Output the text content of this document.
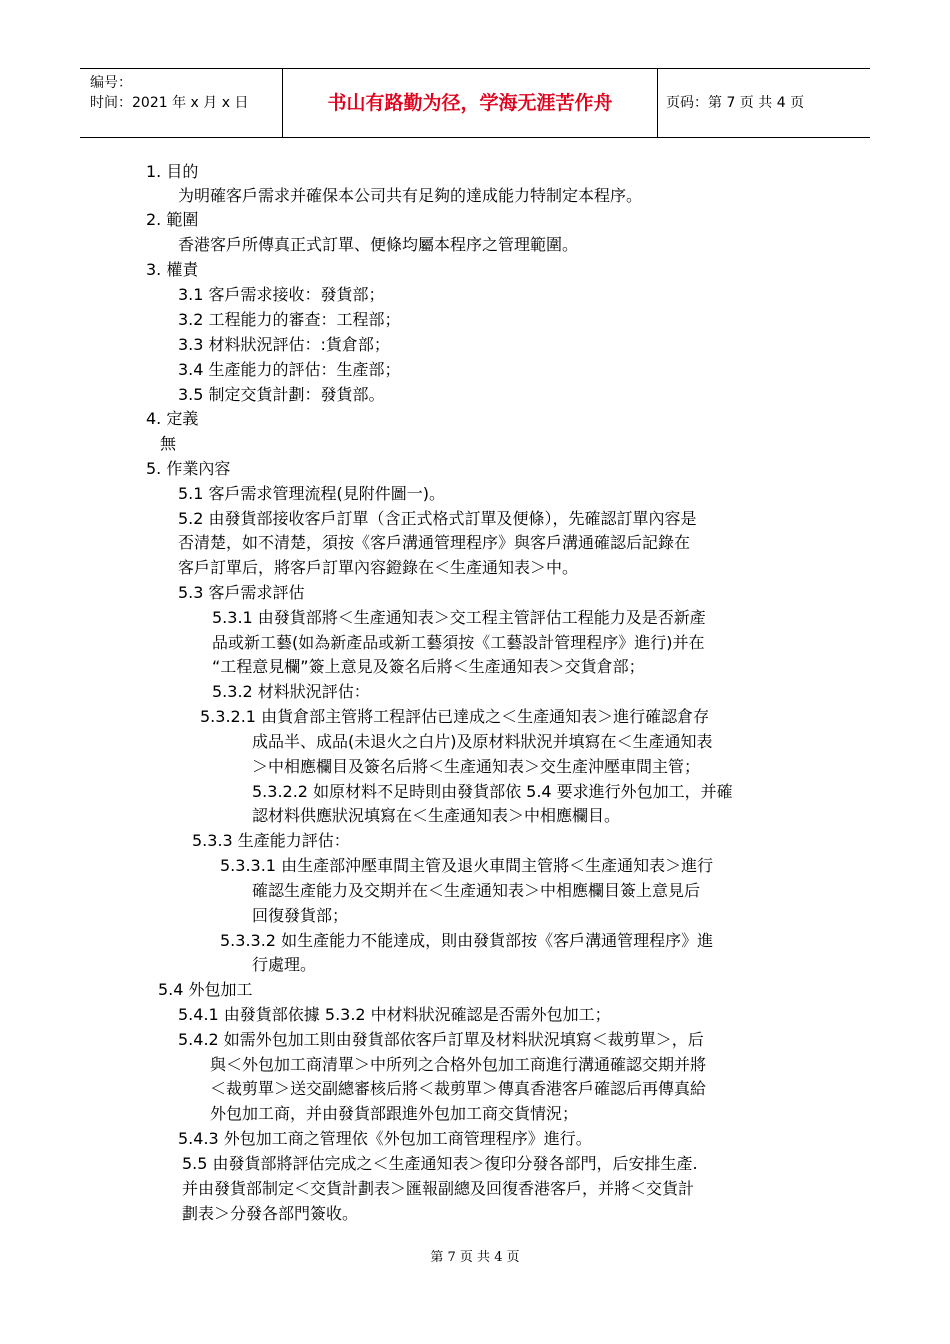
编号：
时间：2021 年 x 月 x 日	书山有路勤为径，学海无涯苦作舟	页码：第 7 页 共 4 页
1. 目的
为明確客戶需求并確保本公司共有足夠的達成能力特制定本程序。
2. 範圍
香港客戶所傳真正式訂單、便條均屬本程序之管理範圍。
3. 權責
3.1 客戶需求接收：發貨部；
3.2 工程能力的審查：工程部；
3.3 材料狀況評估：:貨倉部；
3.4 生產能力的評估：生產部；
3.5 制定交貨計劃：發貨部。
4. 定義
無
5. 作業內容
5.1 客戶需求管理流程(見附件圖一)。
5.2 由發貨部接收客戶訂單（含正式格式訂單及便條），先確認訂單內容是
否清楚，如不清楚，須按《客戶溝通管理程序》與客戶溝通確認后記錄在
客戶訂單后，將客戶訂單內容鐙錄在＜生產通知表＞中。
5.3 客戶需求評估
5.3.1 由發貨部將＜生產通知表＞交工程主管評估工程能力及是否新產
品或新工藝(如為新產品或新工藝須按《工藝設計管理程序》進行)并在
“工程意見欄”簽上意見及簽名后將＜生產通知表＞交貨倉部；
5.3.2 材料狀況評估：
5.3.2.1 由貨倉部主管將工程評估已達成之＜生產通知表＞進行確認倉存
成品半、成品(未退火之白片)及原材料狀況并填寫在＜生產通知表
＞中相應欄目及簽名后將＜生產通知表＞交生產沖壓車間主管；
5.3.2.2 如原材料不足時則由發貨部依 5.4 要求進行外包加工，并確
認材料供應狀況填寫在＜生產通知表＞中相應欄目。
5.3.3 生產能力評估：
5.3.3.1 由生產部沖壓車間主管及退火車間主管將＜生產通知表＞進行
確認生產能力及交期并在＜生產通知表＞中相應欄目簽上意見后
回復發貨部；
5.3.3.2 如生產能力不能達成，則由發貨部按《客戶溝通管理程序》進
行處理。
5.4 外包加工
5.4.1 由發貨部依據 5.3.2 中材料狀況確認是否需外包加工；
5.4.2 如需外包加工則由發貨部依客戶訂單及材料狀況填寫＜裁剪單＞，后
與＜外包加工商清單＞中所列之合格外包加工商進行溝通確認交期并將
＜裁剪單＞送交副總審核后將＜裁剪單＞傳真香港客戶確認后再傳真給
外包加工商，并由發貨部跟進外包加工商交貨情況；
5.4.3 外包加工商之管理依《外包加工商管理程序》進行。
5.5 由發貨部將評估完成之＜生產通知表＞復印分發各部門，后安排生產.
并由發貨部制定＜交貨計劃表＞匯報副總及回復香港客戶，并將＜交貨計
劃表＞分發各部門簽收。
第 7 页 共 4 页
